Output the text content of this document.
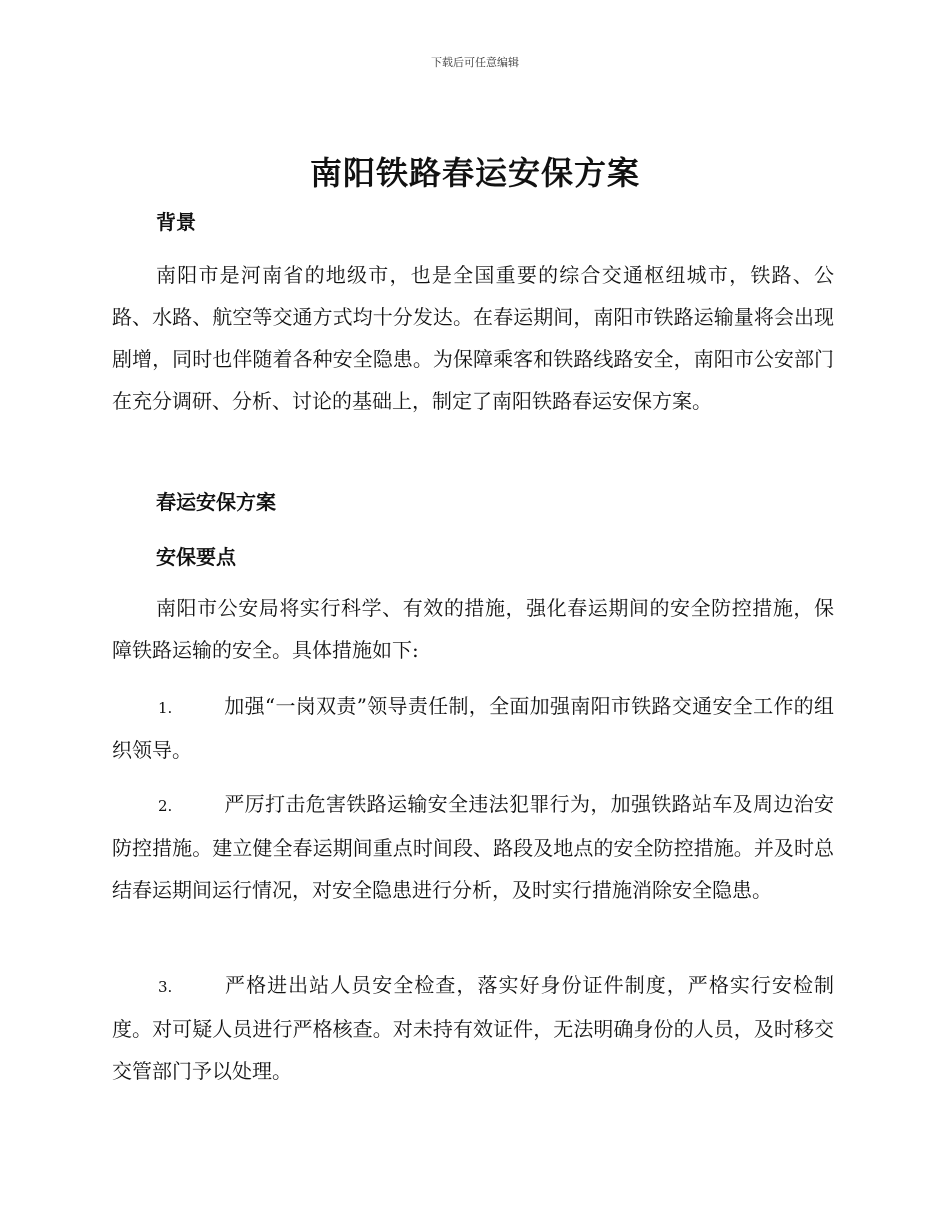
下载后可任意编辑
南阳铁路春运安保方案
背景
南阳市是河南省的地级市，也是全国重要的综合交通枢纽城市，铁路、公路、水路、航空等交通方式均十分发达。在春运期间，南阳市铁路运输量将会出现剧增，同时也伴随着各种安全隐患。为保障乘客和铁路线路安全，南阳市公安部门在充分调研、分析、讨论的基础上，制定了南阳铁路春运安保方案。
春运安保方案
安保要点
南阳市公安局将实行科学、有效的措施，强化春运期间的安全防控措施，保障铁路运输的安全。具体措施如下:
1.	加强“一岗双责”领导责任制，全面加强南阳市铁路交通安全工作的组织领导。
2.	严厉打击危害铁路运输安全违法犯罪行为，加强铁路站车及周边治安防控措施。建立健全春运期间重点时间段、路段及地点的安全防控措施。并及时总结春运期间运行情况，对安全隐患进行分析，及时实行措施消除安全隐患。
3.	严格进出站人员安全检查，落实好身份证件制度，严格实行安检制度。对可疑人员进行严格核查。对未持有效证件，无法明确身份的人员，及时移交交管部门予以处理。
